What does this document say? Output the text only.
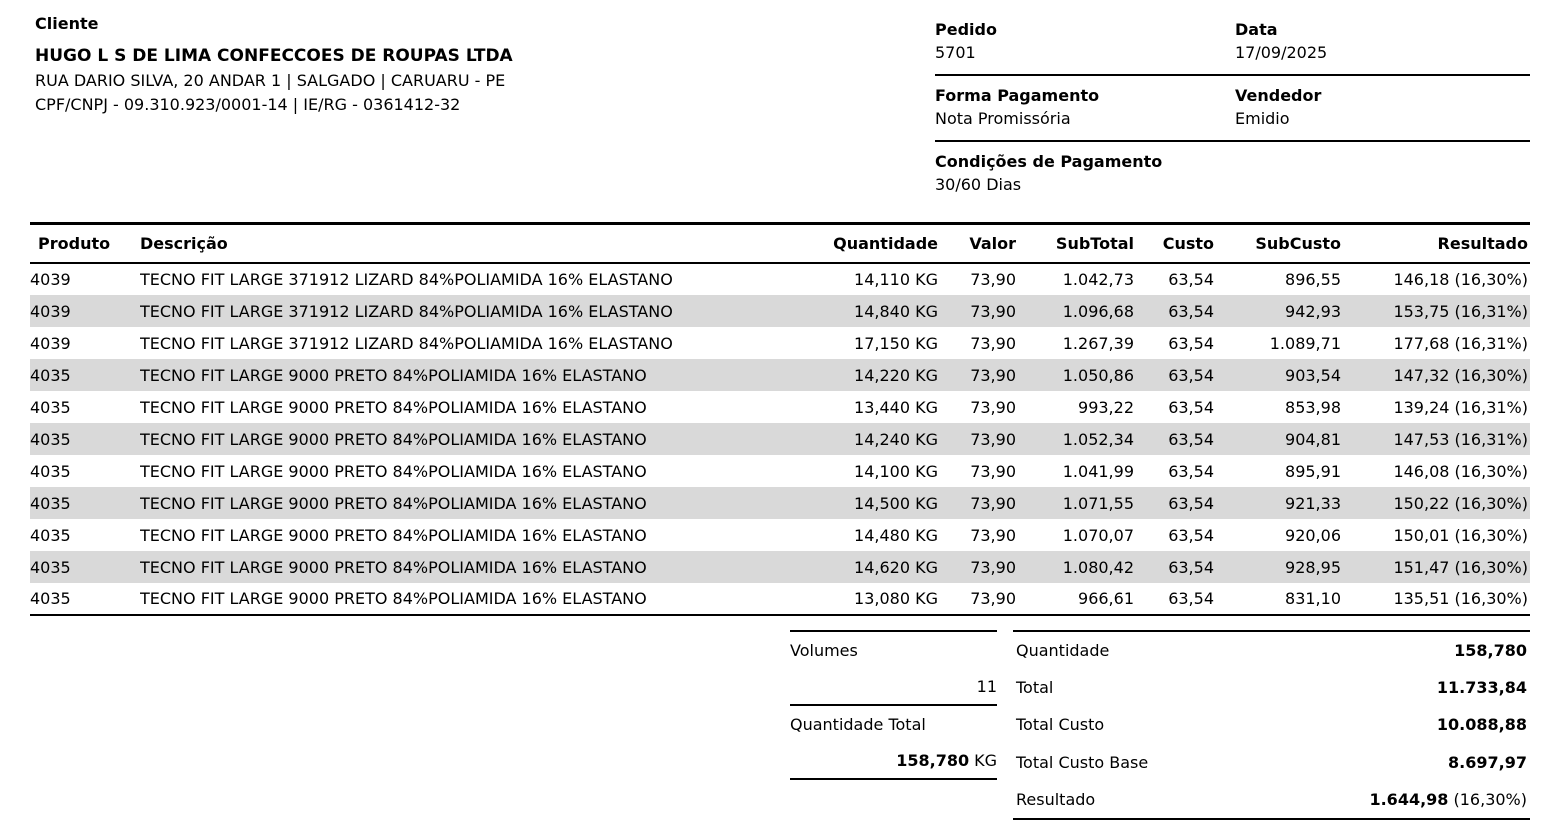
Cliente
HUGO L S DE LIMA CONFECCOES DE ROUPAS LTDA
RUA DARIO SILVA, 20 ANDAR 1 | SALGADO | CARUARU - PE
CPF/CNPJ - 09.310.923/0001-14 | IE/RG - 0361412-32
Pedido
5701
Data
17/09/2025
Forma Pagamento
Nota Promissória
Vendedor
Emidio
Condições de Pagamento
30/60 Dias
Produto	Descrição	Quantidade	Valor	SubTotal	Custo	SubCusto	Resultado
4039	TECNO FIT LARGE 371912 LIZARD 84%POLIAMIDA 16% ELASTANO	14,110 KG	73,90	1.042,73	63,54	896,55	146,18 (16,30%)
4039	TECNO FIT LARGE 371912 LIZARD 84%POLIAMIDA 16% ELASTANO	14,840 KG	73,90	1.096,68	63,54	942,93	153,75 (16,31%)
4039	TECNO FIT LARGE 371912 LIZARD 84%POLIAMIDA 16% ELASTANO	17,150 KG	73,90	1.267,39	63,54	1.089,71	177,68 (16,31%)
4035	TECNO FIT LARGE 9000 PRETO 84%POLIAMIDA 16% ELASTANO	14,220 KG	73,90	1.050,86	63,54	903,54	147,32 (16,30%)
4035	TECNO FIT LARGE 9000 PRETO 84%POLIAMIDA 16% ELASTANO	13,440 KG	73,90	993,22	63,54	853,98	139,24 (16,31%)
4035	TECNO FIT LARGE 9000 PRETO 84%POLIAMIDA 16% ELASTANO	14,240 KG	73,90	1.052,34	63,54	904,81	147,53 (16,31%)
4035	TECNO FIT LARGE 9000 PRETO 84%POLIAMIDA 16% ELASTANO	14,100 KG	73,90	1.041,99	63,54	895,91	146,08 (16,30%)
4035	TECNO FIT LARGE 9000 PRETO 84%POLIAMIDA 16% ELASTANO	14,500 KG	73,90	1.071,55	63,54	921,33	150,22 (16,30%)
4035	TECNO FIT LARGE 9000 PRETO 84%POLIAMIDA 16% ELASTANO	14,480 KG	73,90	1.070,07	63,54	920,06	150,01 (16,30%)
4035	TECNO FIT LARGE 9000 PRETO 84%POLIAMIDA 16% ELASTANO	14,620 KG	73,90	1.080,42	63,54	928,95	151,47 (16,30%)
4035	TECNO FIT LARGE 9000 PRETO 84%POLIAMIDA 16% ELASTANO	13,080 KG	73,90	966,61	63,54	831,10	135,51 (16,30%)
Volumes
11
Quantidade Total
158,780 KG
Quantidade	158,780
Total	11.733,84
Total Custo	10.088,88
Total Custo Base	8.697,97
Resultado	1.644,98 (16,30%)
